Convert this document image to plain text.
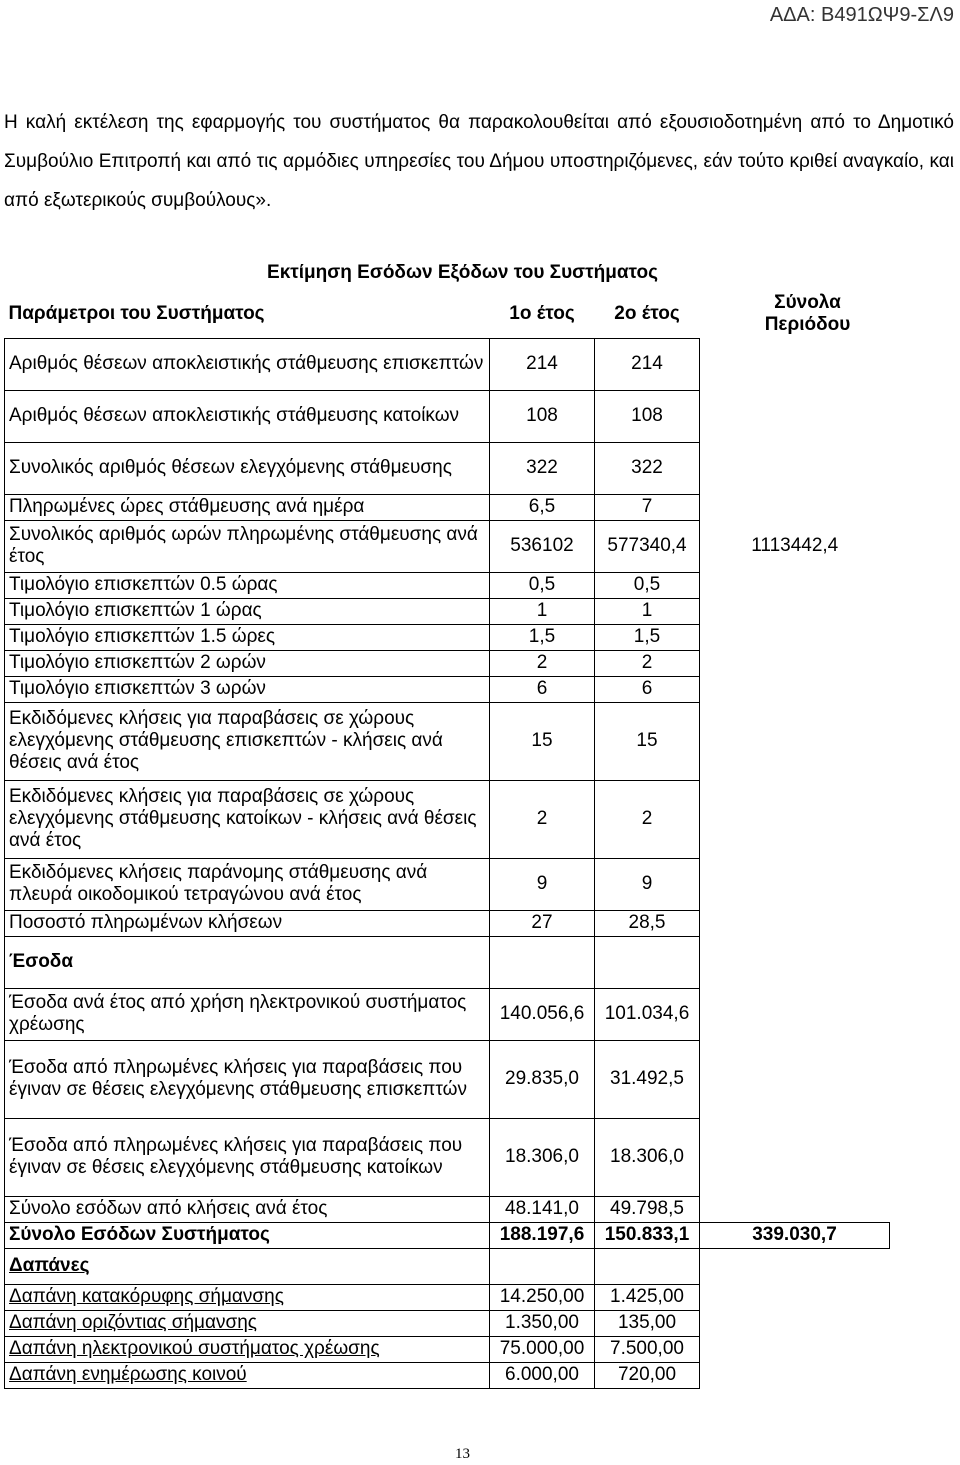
ΑΔΑ: Β491ΩΨ9-ΣΛ9
Η καλή εκτέλεση της εφαρμογής του συστήματος θα παρακολουθείται από εξουσιοδοτημένη από το Δημοτικό Συμβούλιο Επιτροπή και από τις αρμόδιες υπηρεσίες του Δήμου υποστηριζόμενες, εάν τούτο κριθεί αναγκαίο, και από εξωτερικούς συμβούλους».
Εκτίμηση Εσόδων Εξόδων του Συστήματος
Παράμετροι του Συστήματος	1ο έτος	2ο έτος	Σύνολα Περιόδου
Αριθμός θέσεων αποκλειστικής στάθμευσης επισκεπτών	214	214	
Αριθμός θέσεων αποκλειστικής στάθμευσης κατοίκων	108	108	
Συνολικός αριθμός θέσεων ελεγχόμενης στάθμευσης	322	322	
Πληρωμένες ώρες στάθμευσης ανά ημέρα	6,5	7	
Συνολικός αριθμός ωρών πληρωμένης στάθμευσης ανά έτος	536102	577340,4	1113442,4
Τιμολόγιο επισκεπτών 0.5 ώρας	0,5	0,5	
Τιμολόγιο επισκεπτών 1 ώρας	1	1	
Τιμολόγιο επισκεπτών 1.5 ώρες	1,5	1,5	
Τιμολόγιο επισκεπτών 2 ωρών	2	2	
Τιμολόγιο επισκεπτών 3 ωρών	6	6	
Εκδιδόμενες κλήσεις για παραβάσεις σε χώρους ελεγχόμενης στάθμευσης επισκεπτών - κλήσεις ανά θέσεις ανά έτος	15	15	
Εκδιδόμενες κλήσεις για παραβάσεις σε χώρους ελεγχόμενης στάθμευσης κατοίκων - κλήσεις ανά θέσεις ανά έτος	2	2	
Εκδιδόμενες κλήσεις παράνομης στάθμευσης ανά πλευρά οικοδομικού τετραγώνου ανά έτος	9	9	
Ποσοστό πληρωμένων κλήσεων	27	28,5	
Έσοδα			
Έσοδα ανά έτος από χρήση ηλεκτρονικού συστήματος χρέωσης	140.056,6	101.034,6	
Έσοδα από πληρωμένες κλήσεις για παραβάσεις που έγιναν σε θέσεις ελεγχόμενης στάθμευσης επισκεπτών	29.835,0	31.492,5	
Έσοδα από πληρωμένες κλήσεις για παραβάσεις που έγιναν σε θέσεις ελεγχόμενης στάθμευσης κατοίκων	18.306,0	18.306,0	
Σύνολο εσόδων από κλήσεις ανά έτος	48.141,0	49.798,5	
Σύνολο Εσόδων Συστήματος	188.197,6	150.833,1	339.030,7
Δαπάνες			
Δαπάνη κατακόρυφης σήμανσης	14.250,00	1.425,00	
Δαπάνη οριζόντιας σήμανσης	1.350,00	135,00	
Δαπάνη ηλεκτρονικού συστήματος χρέωσης	75.000,00	7.500,00	
Δαπάνη ενημέρωσης κοινού	6.000,00	720,00	
13
